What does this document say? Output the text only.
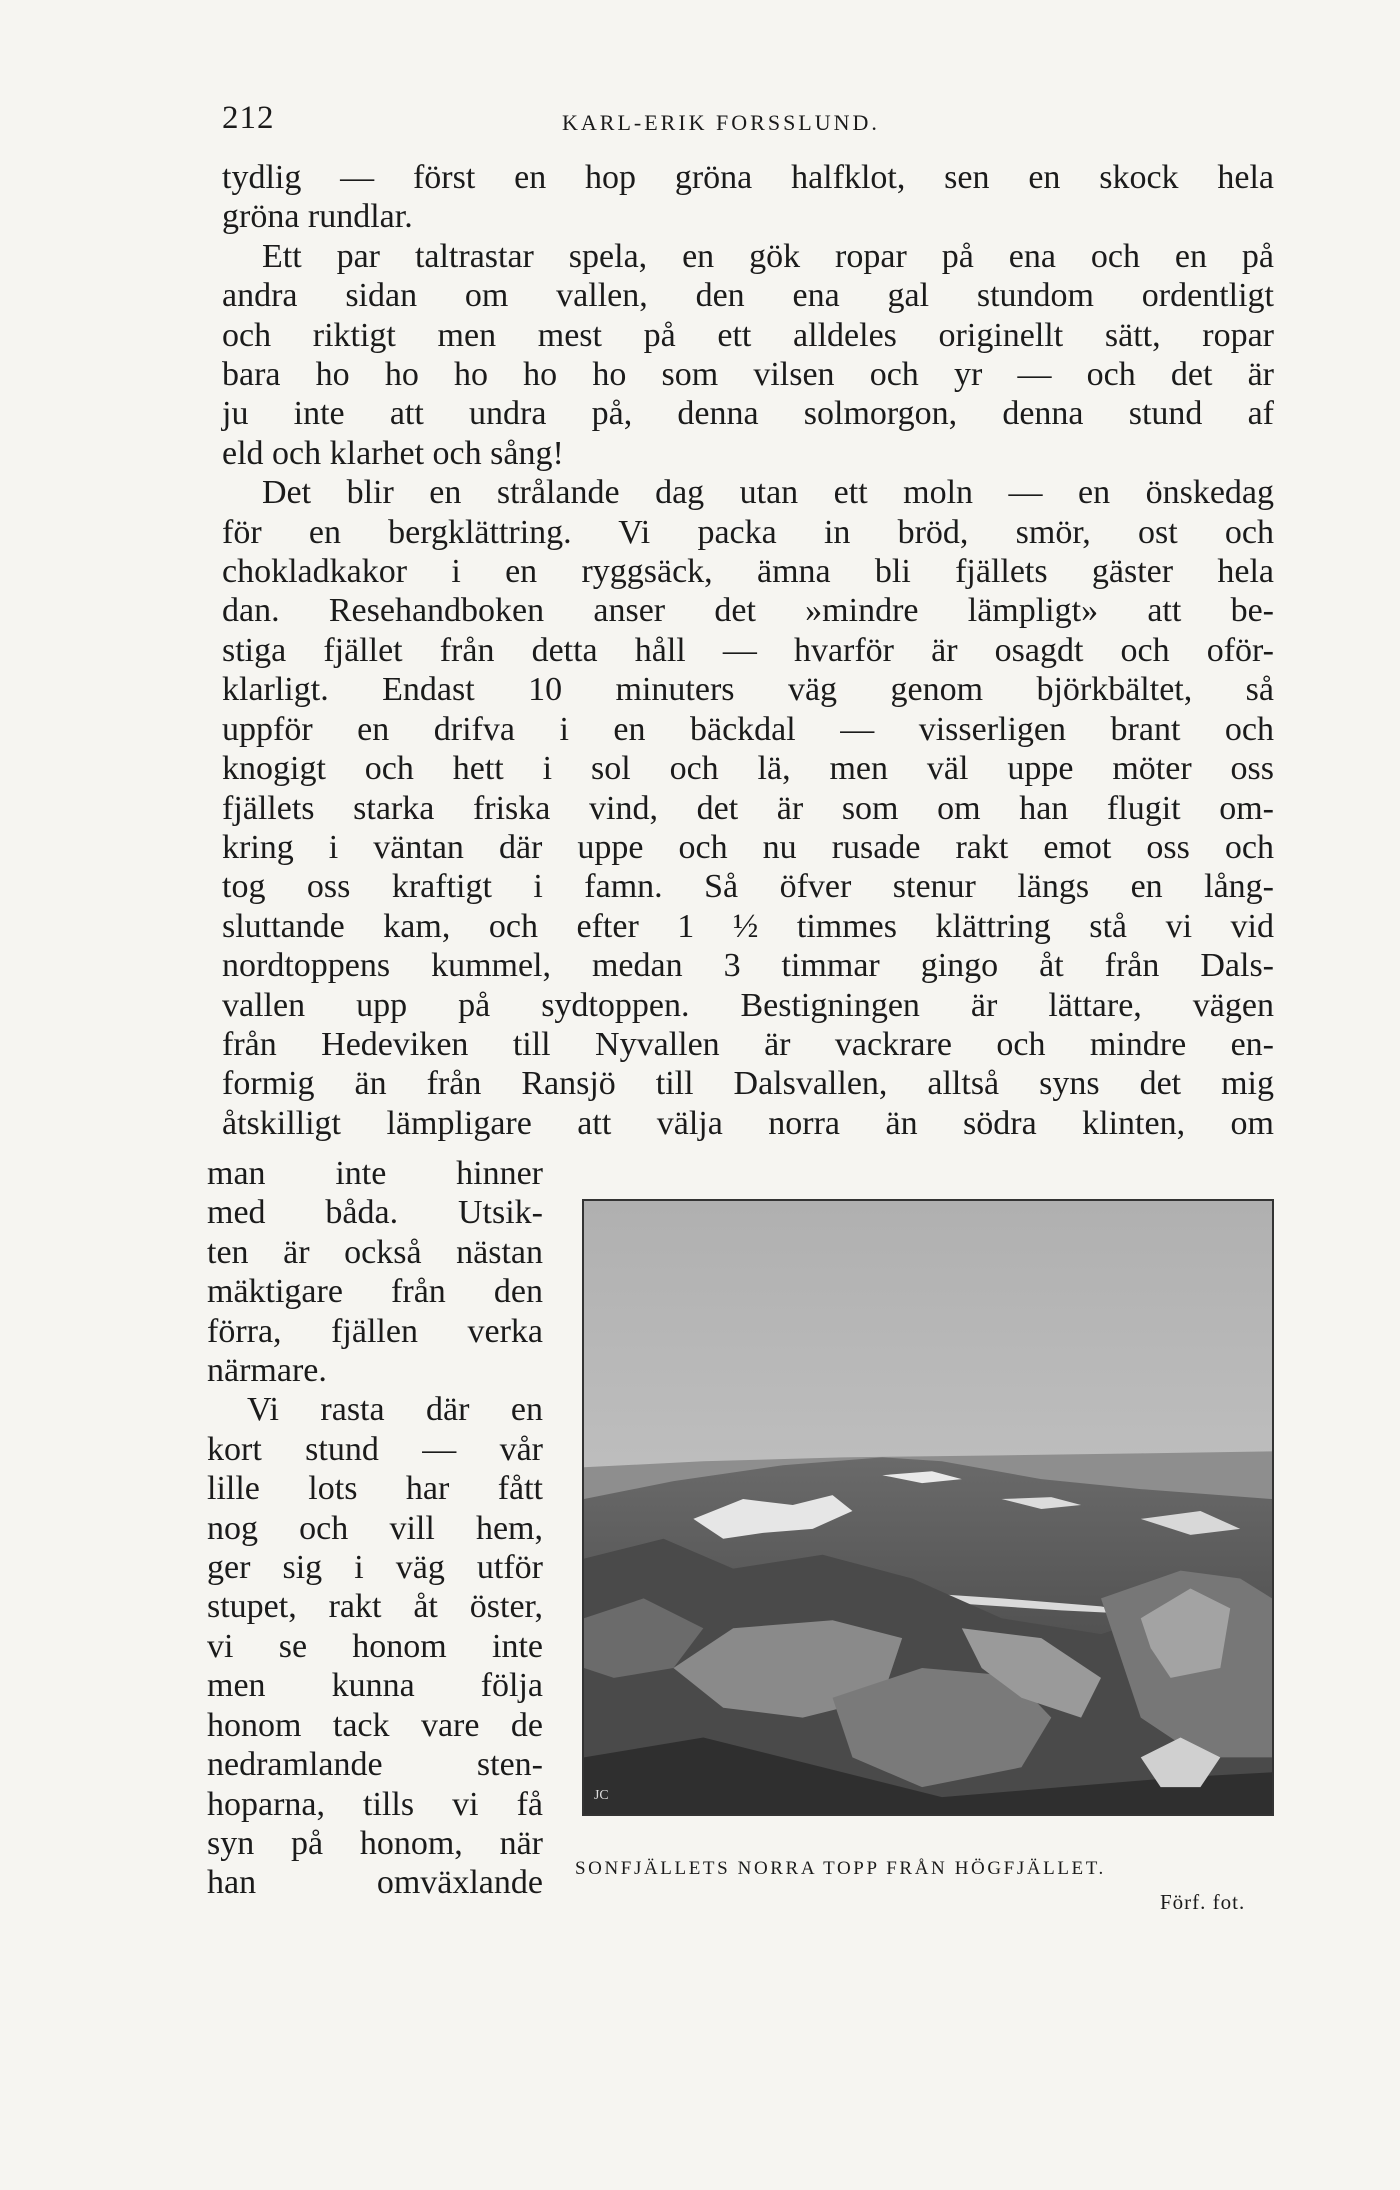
212	KARL-ERIK FORSSLUND.
tydlig — först en hop gröna halfklot, sen en skock hela
gröna rundlar.
Ett par taltrastar spela, en gök ropar på ena och en på
andra sidan om vallen, den ena gal stundom ordentligt
och riktigt men mest på ett alldeles originellt sätt, ropar
bara ho ho ho ho ho som vilsen och yr — och det är
ju inte att undra på, denna solmorgon, denna stund af
eld och klarhet och sång!
Det blir en strålande dag utan ett moln — en önskedag
för en bergklättring. Vi packa in bröd, smör, ost och
chokladkakor i en ryggsäck, ämna bli fjällets gäster hela
dan. Resehandboken anser det »mindre lämpligt» att be-
stiga fjället från detta håll — hvarför är osagdt och oför-
klarligt. Endast 10 minuters väg genom björkbältet, så
uppför en drifva i en bäckdal — visserligen brant och
knogigt och hett i sol och lä, men väl uppe möter oss
fjällets starka friska vind, det är som om han flugit om-
kring i väntan där uppe och nu rusade rakt emot oss och
tog oss kraftigt i famn. Så öfver stenur längs en lång-
sluttande kam, och efter 1 ½ timmes klättring stå vi vid
nordtoppens kummel, medan 3 timmar gingo åt från Dals-
vallen upp på sydtoppen. Bestigningen är lättare, vägen
från Hedeviken till Nyvallen är vackrare och mindre en-
formig än från Ransjö till Dalsvallen, alltså syns det mig
åtskilligt lämpligare att välja norra än södra klinten, om
man inte hinner
med båda. Utsik-
ten är också nästan
mäktigare från den
förra, fjällen verka
närmare.
Vi rasta där en
kort stund — vår
lille lots har fått
nog och vill hem,
ger sig i väg utför
stupet, rakt åt öster,
vi se honom inte
men kunna följa
honom tack vare de
nedramlande sten-
hoparna, tills vi få
syn på honom, när
han omväxlande
JC
SONFJÄLLETS NORRA TOPP FRÅN HÖGFJÄLLET.
Förf. fot.
